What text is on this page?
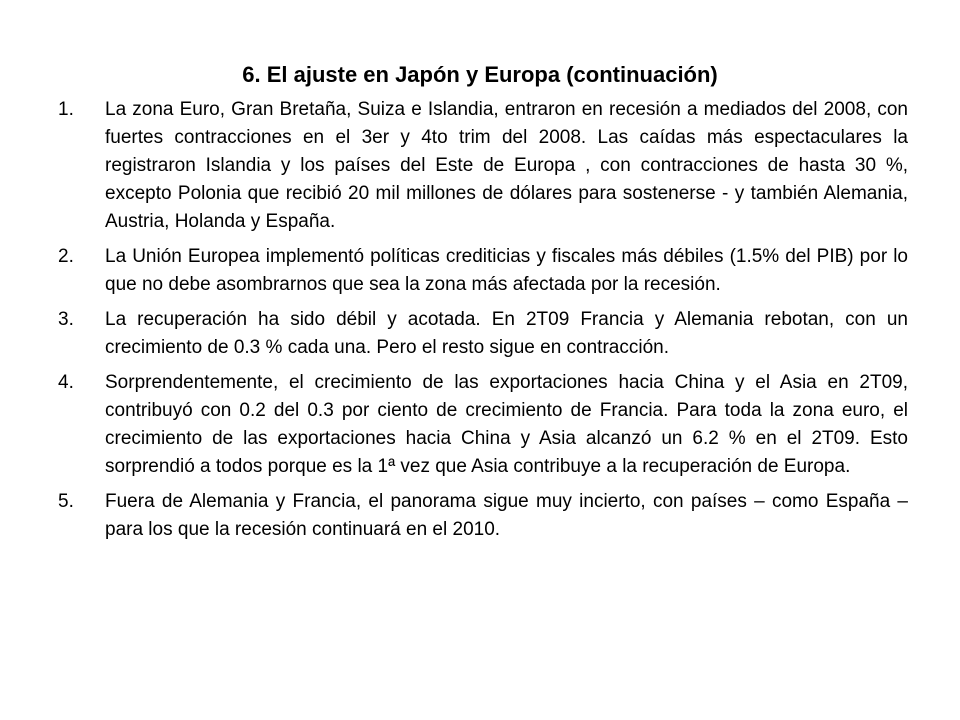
6. El ajuste en Japón y Europa (continuación)
1.	La zona Euro, Gran Bretaña, Suiza e Islandia, entraron en recesión a mediados del 2008, con fuertes contracciones en el 3er y 4to trim del 2008. Las caídas más espectaculares la registraron Islandia y los países del Este de Europa , con contracciones de hasta 30 %, excepto Polonia que recibió 20 mil millones de dólares para sostenerse - y también Alemania, Austria, Holanda y España.
2.	La Unión Europea implementó políticas crediticias y fiscales más débiles (1.5% del PIB) por lo que no debe asombrarnos que sea la zona más afectada por la recesión.
3.	La recuperación ha sido débil y acotada. En 2T09 Francia y Alemania rebotan, con un crecimiento de 0.3 % cada una. Pero el resto sigue en contracción.
4.	Sorprendentemente, el crecimiento de las exportaciones hacia China y el Asia en 2T09, contribuyó con 0.2 del 0.3 por ciento de crecimiento de Francia. Para toda la zona euro, el crecimiento de las exportaciones hacia China y Asia alcanzó un 6.2 % en el 2T09. Esto sorprendió a todos porque es la 1ª vez que Asia contribuye a la recuperación de Europa.
5.	Fuera de Alemania y Francia, el panorama sigue muy incierto, con países – como España – para los que la recesión continuará en el 2010.
